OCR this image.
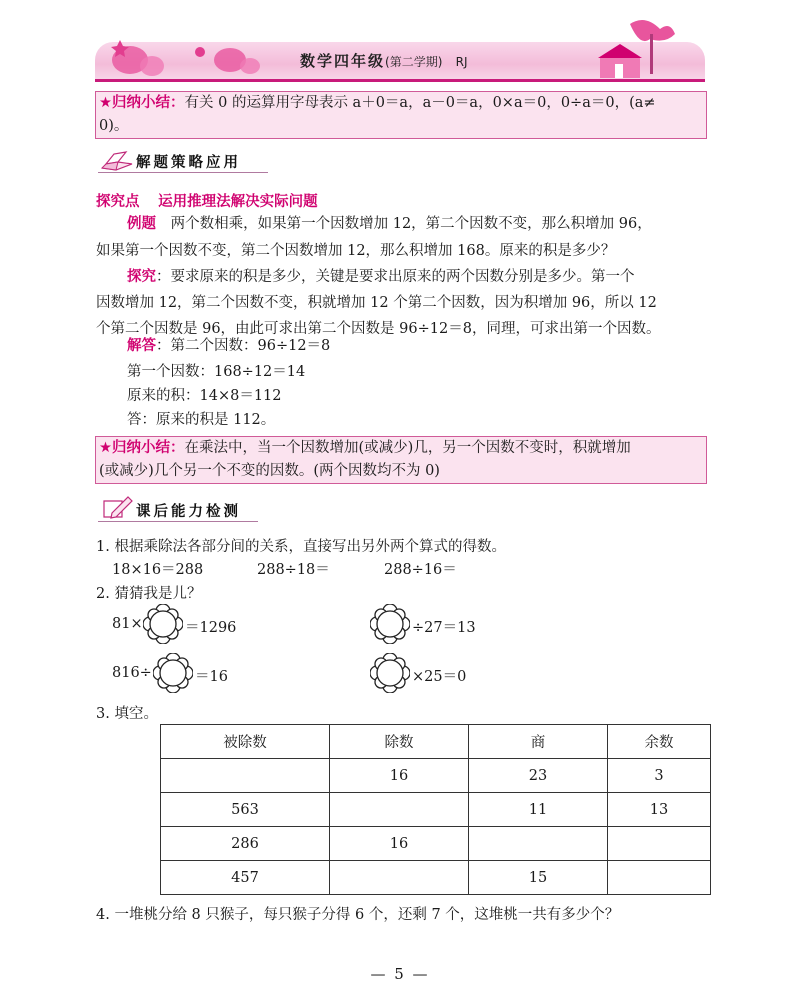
数学四年级(第二学期) RJ
★归纳小结：有关 0 的运算用字母表示 a＋0＝a，a－0＝a，0×a＝0，0÷a＝0，(a≠
0)。
解题策略应用
探究点 运用推理法解决实际问题
例题 两个数相乘，如果第一个因数增加 12，第二个因数不变，那么积增加 96，
如果第一个因数不变，第二个因数增加 12，那么积增加 168。原来的积是多少？
探究：要求原来的积是多少，关键是要求出原来的两个因数分别是多少。第一个
因数增加 12，第二个因数不变，积就增加 12 个第二个因数，因为积增加 96，所以 12
个第二个因数是 96，由此可求出第二个因数是 96÷12＝8，同理，可求出第一个因数。
解答：第二个因数：96÷12＝8
第一个因数：168÷12＝14
原来的积：14×8＝112
答：原来的积是 112。
★归纳小结：在乘法中，当一个因数增加(或减少)几，另一个因数不变时，积就增加
(或减少)几个另一个不变的因数。(两个因数均不为 0)
课后能力检测
1. 根据乘除法各部分间的关系，直接写出另外两个算式的得数。
18×16＝288	288÷18＝	288÷16＝
2. 猜猜我是儿？
81×	＝1296	÷27＝13
816÷	＝16	×25＝0
3. 填空。
被除数	除数	商	余数
	16	23	3
563		11	13
286	16		
457		15	
4. 一堆桃分给 8 只猴子，每只猴子分得 6 个，还剩 7 个，这堆桃一共有多少个？
— 5 —
